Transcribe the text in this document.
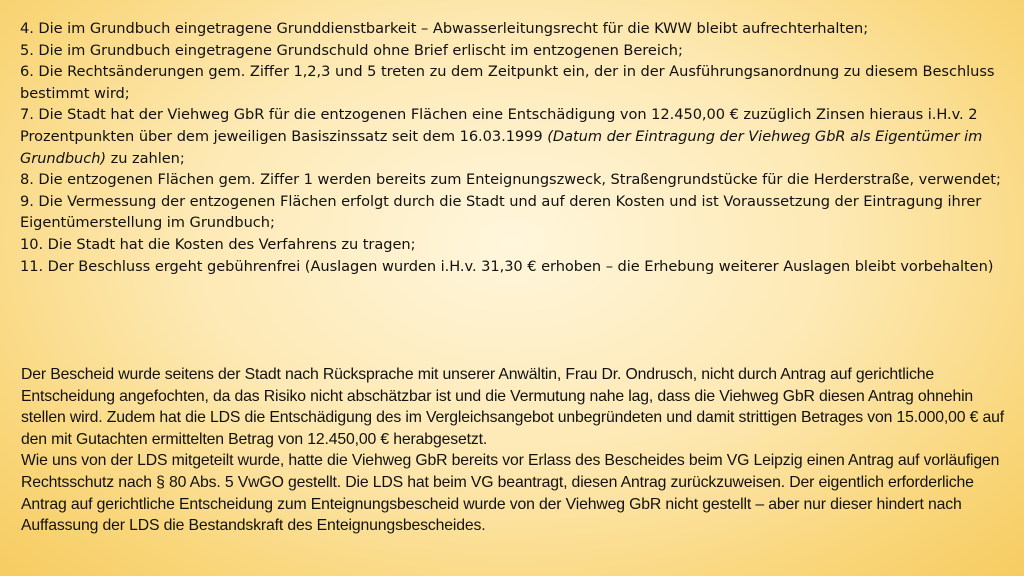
4. Die im Grundbuch eingetragene Grunddienstbarkeit – Abwasserleitungsrecht für die KWW bleibt aufrechterhalten;
5. Die im Grundbuch eingetragene Grundschuld ohne Brief erlischt im entzogenen Bereich;
6. Die Rechtsänderungen gem. Ziffer 1,2,3 und 5 treten zu dem Zeitpunkt ein, der in der Ausführungsanordnung zu diesem Beschluss bestimmt wird;
7. Die Stadt hat der Viehweg GbR für die entzogenen Flächen eine Entschädigung von 12.450,00 € zuzüglich Zinsen hieraus i.H.v. 2 Prozentpunkten über dem jeweiligen Basiszinssatz seit dem 16.03.1999 (Datum der Eintragung der Viehweg GbR als Eigentümer im Grundbuch) zu zahlen;
8. Die entzogenen Flächen gem. Ziffer 1 werden bereits zum Enteignungszweck, Straßengrundstücke für die Herderstraße, verwendet;
9. Die Vermessung der entzogenen Flächen erfolgt durch die Stadt und auf deren Kosten und ist Voraussetzung der Eintragung ihrer Eigentümerstellung im Grundbuch;
10. Die Stadt hat die Kosten des Verfahrens zu tragen;
11. Der Beschluss ergeht gebührenfrei (Auslagen wurden i.H.v. 31,30 € erhoben – die Erhebung weiterer Auslagen bleibt vorbehalten)

Der Bescheid wurde seitens der Stadt nach Rücksprache mit unserer Anwältin, Frau Dr. Ondrusch, nicht durch Antrag auf gerichtliche Entscheidung angefochten, da das Risiko nicht abschätzbar ist und die Vermutung nahe lag, dass die Viehweg GbR diesen Antrag ohnehin stellen wird. Zudem hat die LDS die Entschädigung des im Vergleichsangebot unbegründeten und damit strittigen Betrages von 15.000,00 € auf den mit Gutachten ermittelten Betrag von 12.450,00 € herabgesetzt.

Wie uns von der LDS mitgeteilt wurde, hatte die Viehweg GbR bereits vor Erlass des Bescheides beim VG Leipzig einen Antrag auf vorläufigen Rechtsschutz nach § 80 Abs. 5 VwGO gestellt. Die LDS hat beim VG beantragt, diesen Antrag zurückzuweisen. Der eigentlich erforderliche Antrag auf gerichtliche Entscheidung zum Enteignungsbescheid wurde von der Viehweg GbR nicht gestellt – aber nur dieser hindert nach Auffassung der LDS die Bestandskraft des Enteignungsbescheides.
